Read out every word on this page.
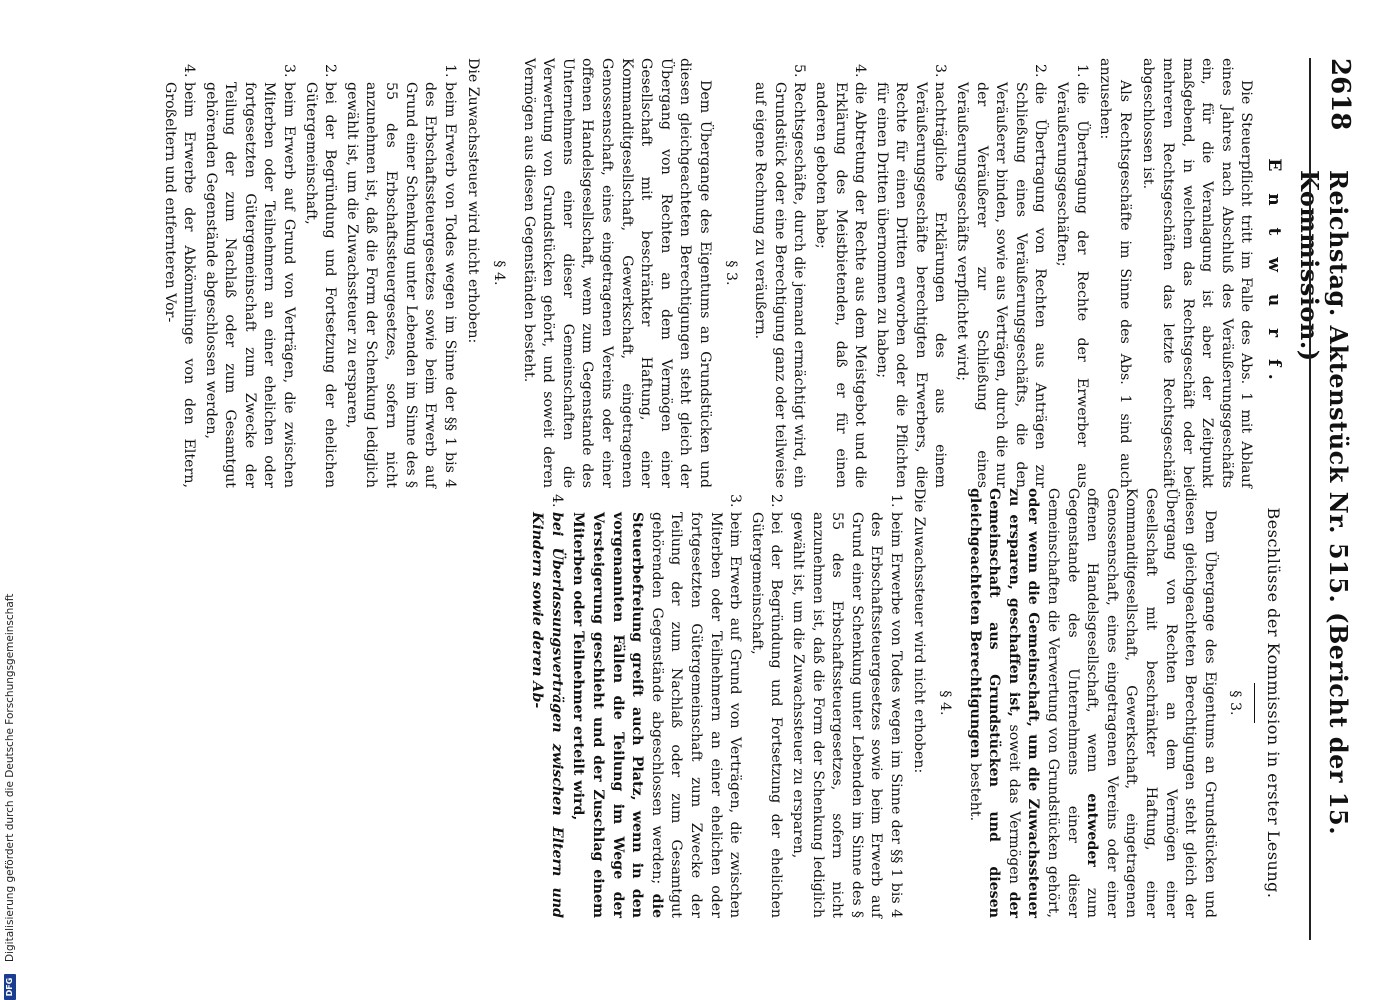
2618
Reichstag. Aktenstück Nr. 515. (Bericht der 15. Kommission.)
E n t w u r f.

Die Steuerpflicht tritt im Falle des Abs. 1 mit Ablauf eines Jahres nach Abschluß des Veräußerungsgeschäfts ein, für die Veranlagung ist aber der Zeitpunkt maßgebend, in welchem das Rechtsgeschäft oder bei mehreren Rechtsgeschäften das letzte Rechtsgeschäft abgeschlossen ist.

Als Rechtsgeschäfte im Sinne des Abs. 1 sind auch anzusehen:

1. die Übertragung der Rechte der Erwerber aus Veräußerungsgeschäften;
2. die Übertragung von Rechten aus Anträgen zur Schließung eines Veräußerungsgeschäfts, die den Veräußerer binden, sowie aus Verträgen, durch die nur der Veräußerer zur Schließung eines Veräußerungsgeschäfts verpflichtet wird;
3. nachträgliche Erklärungen des aus einem Veräußerungsgeschäfte berechtigten Erwerbers, die Rechte für einen Dritten erworben oder die Pflichten für einen Dritten übernommen zu haben;
4. die Abtretung der Rechte aus dem Meistgebot und die Erklärung des Meistbietenden, daß er für einen anderen geboten habe;
5. Rechtsgeschäfte, durch die jemand ermächtigt wird, ein Grundstück oder eine Berechtigung ganz oder teilweise auf eigene Rechnung zu veräußern.
§ 3.

Dem Übergange des Eigentums an Grundstücken und diesen gleichgeachteten Berechtigungen steht gleich der Übergang von Rechten an dem Vermögen einer Gesellschaft mit beschränkter Haftung, einer Kommanditgesellschaft, Gewerkschaft, eingetragenen Genossenschaft, eines eingetragenen Vereins oder einer offenen Handelsgesellschaft, wenn zum Gegenstande des Unternehmens einer dieser Gemeinschaften die Verwertung von Grundstücken gehört, und soweit deren Vermögen aus diesen Gegenständen besteht.

§ 4.

Die Zuwachssteuer wird nicht erhoben:

1. beim Erwerb von Todes wegen im Sinne der §§ 1 bis 4 des Erbschaftssteuergesetzes sowie beim Erwerb auf Grund einer Schenkung unter Lebenden im Sinne des § 55 des Erbschaftssteuergesetzes, sofern nicht anzunehmen ist, daß die Form der Schenkung lediglich gewählt ist, um die Zuwachssteuer zu ersparen,
2. bei der Begründung und Fortsetzung der ehelichen Gütergemeinschaft,
3. beim Erwerb auf Grund von Verträgen, die zwischen Miterben oder Teilnehmern an einer ehelichen oder fortgesetzten Gütergemeinschaft zum Zwecke der Teilung der zum Nachlaß oder zum Gesamtgut gehörenden Gegenstände abgeschlossen werden,
4. beim Erwerbe der Abkömmlinge von den Eltern, Großeltern und entfernteren Vor-
Beschlüsse der Kommission in erster Lesung.
§ 3.

Dem Übergange des Eigentums an Grundstücken und diesen gleichgeachteten Berechtigungen steht gleich der Übergang von Rechten an dem Vermögen einer Gesellschaft mit beschränkter Haftung, einer Kommanditgesellschaft, Gewerkschaft, eingetragenen Genossenschaft, eines eingetragenen Vereins oder einer offenen Handelsgesellschaft, wenn entweder zum Gegenstande des Unternehmens einer dieser Gemeinschaften die Verwertung von Grundstücken gehört, oder wenn die Gemeinschaft, um die Zuwachssteuer zu ersparen, geschaffen ist, soweit das Vermögen der Gemeinschaft aus Grundstücken und diesen gleichgeachteten Berechtigungen besteht.

§ 4.

Die Zuwachssteuer wird nicht erhoben:

1. beim Erwerbe von Todes wegen im Sinne der §§ 1 bis 4 des Erbschaftssteuergesetzes sowie beim Erwerb auf Grund einer Schenkung unter Lebenden im Sinne des § 55 des Erbschaftssteuergesetzes, sofern nicht anzunehmen ist, daß die Form der Schenkung lediglich gewählt ist, um die Zuwachssteuer zu ersparen,
2. bei der Begründung und Fortsetzung der ehelichen Gütergemeinschaft,
3. beim Erwerb auf Grund von Verträgen, die zwischen Miterben oder Teilnehmern an einer ehelichen oder fortgesetzten Gütergemeinschaft zum Zwecke der Teilung der zum Nachlaß oder zum Gesamtgut gehörenden Gegenstände abgeschlossen werden; die Steuerbefreiung greift auch Platz, wenn in den vorgenannten Fällen die Teilung im Wege der Versteigerung geschieht und der Zuschlag einem Miterben oder Teilnehmer erteilt wird,
4. bei Überlassungsverträgen zwischen Eltern und Kindern sowie deren Ab-
DFG
Digitalisierung gefördert durch die Deutsche Forschungsgemeinschaft
